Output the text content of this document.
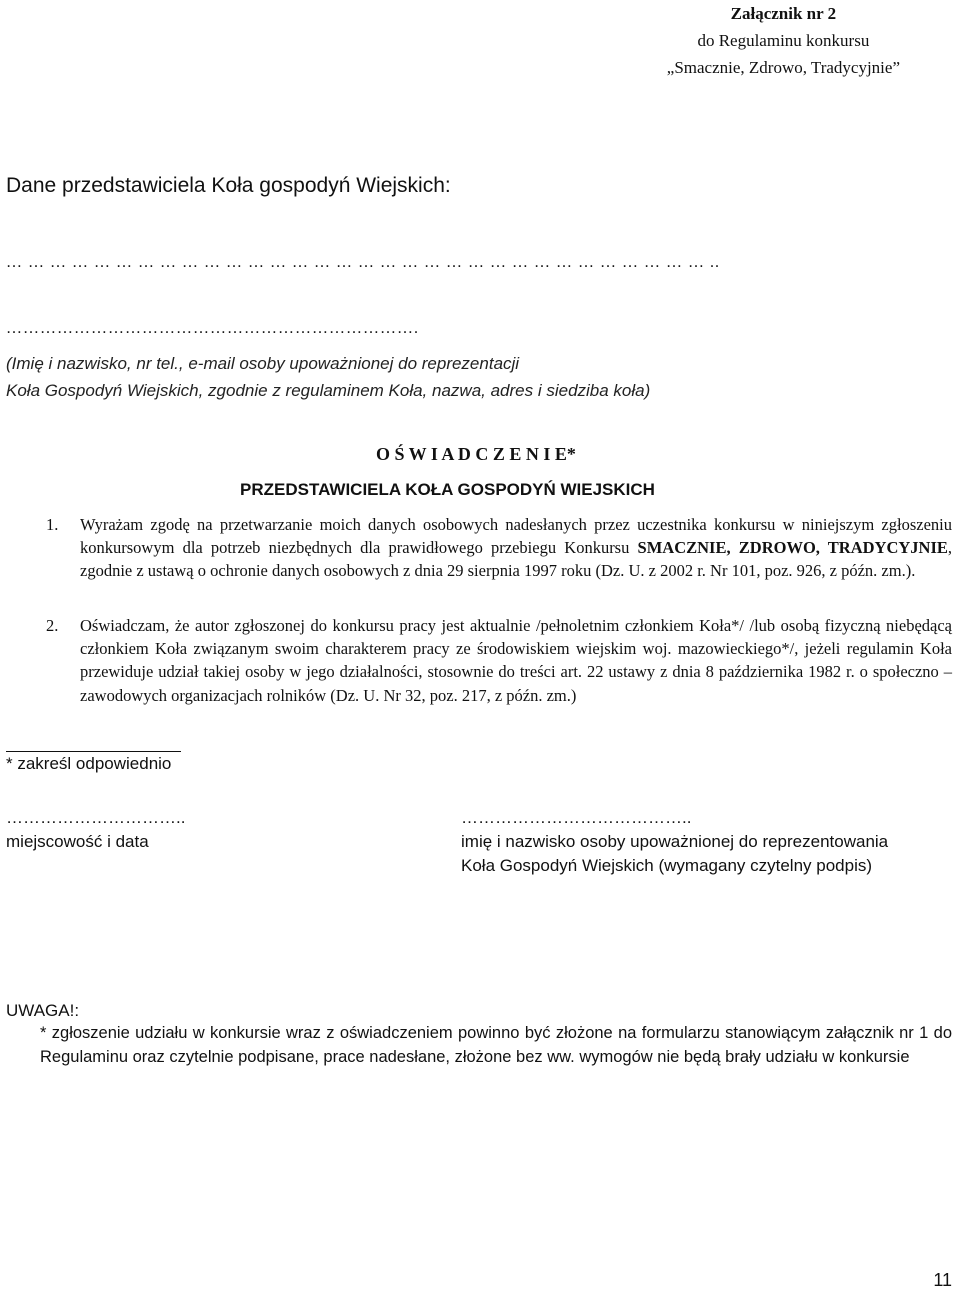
Załącznik nr 2
do Regulaminu konkursu
„Smacznie, Zdrowo, Tradycyjnie”
Dane przedstawiciela Koła gospodyń Wiejskich:
… … … … … … … … … … … … … … … … … … … … … … … … … … … … … … … … ..
……………………………………………………………….
(Imię i nazwisko, nr tel., e-mail osoby upoważnionej do reprezentacji
Koła Gospodyń Wiejskich, zgodnie z regulaminem Koła, nazwa, adres i siedziba koła)
O Ś W I A D C Z E N I E*
PRZEDSTAWICIELA KOŁA GOSPODYŃ WIEJSKICH
1. Wyrażam zgodę na przetwarzanie moich danych osobowych nadesłanych przez uczestnika konkursu w niniejszym zgłoszeniu konkursowym dla potrzeb niezbędnych dla prawidłowego przebiegu Konkursu SMACZNIE, ZDROWO, TRADYCYJNIE, zgodnie z ustawą o ochronie danych osobowych z dnia 29 sierpnia 1997 roku (Dz. U. z 2002 r. Nr 101, poz. 926, z późn. zm.).
2. Oświadczam, że autor zgłoszonej do konkursu pracy jest aktualnie /pełnoletnim członkiem Koła*/ /lub osobą fizyczną niebędącą członkiem Koła związanym swoim charakterem pracy ze środowiskiem wiejskim woj. mazowieckiego*/, jeżeli regulamin Koła przewiduje udział takiej osoby w jego działalności, stosownie do treści art. 22 ustawy z dnia 8 października 1982 r. o społeczno – zawodowych organizacjach rolników (Dz. U. Nr 32, poz. 217, z późn. zm.)
* zakreśl odpowiednio
…………………………..
miejscowość i data
…………………………………..
imię i nazwisko osoby upoważnionej do reprezentowania
Koła Gospodyń Wiejskich (wymagany czytelny podpis)
UWAGA!:
* zgłoszenie udziału w konkursie wraz z oświadczeniem powinno być złożone na formularzu stanowiącym załącznik nr 1 do Regulaminu oraz czytelnie podpisane, prace nadesłane, złożone bez ww. wymogów nie będą brały udziału w konkursie
11
